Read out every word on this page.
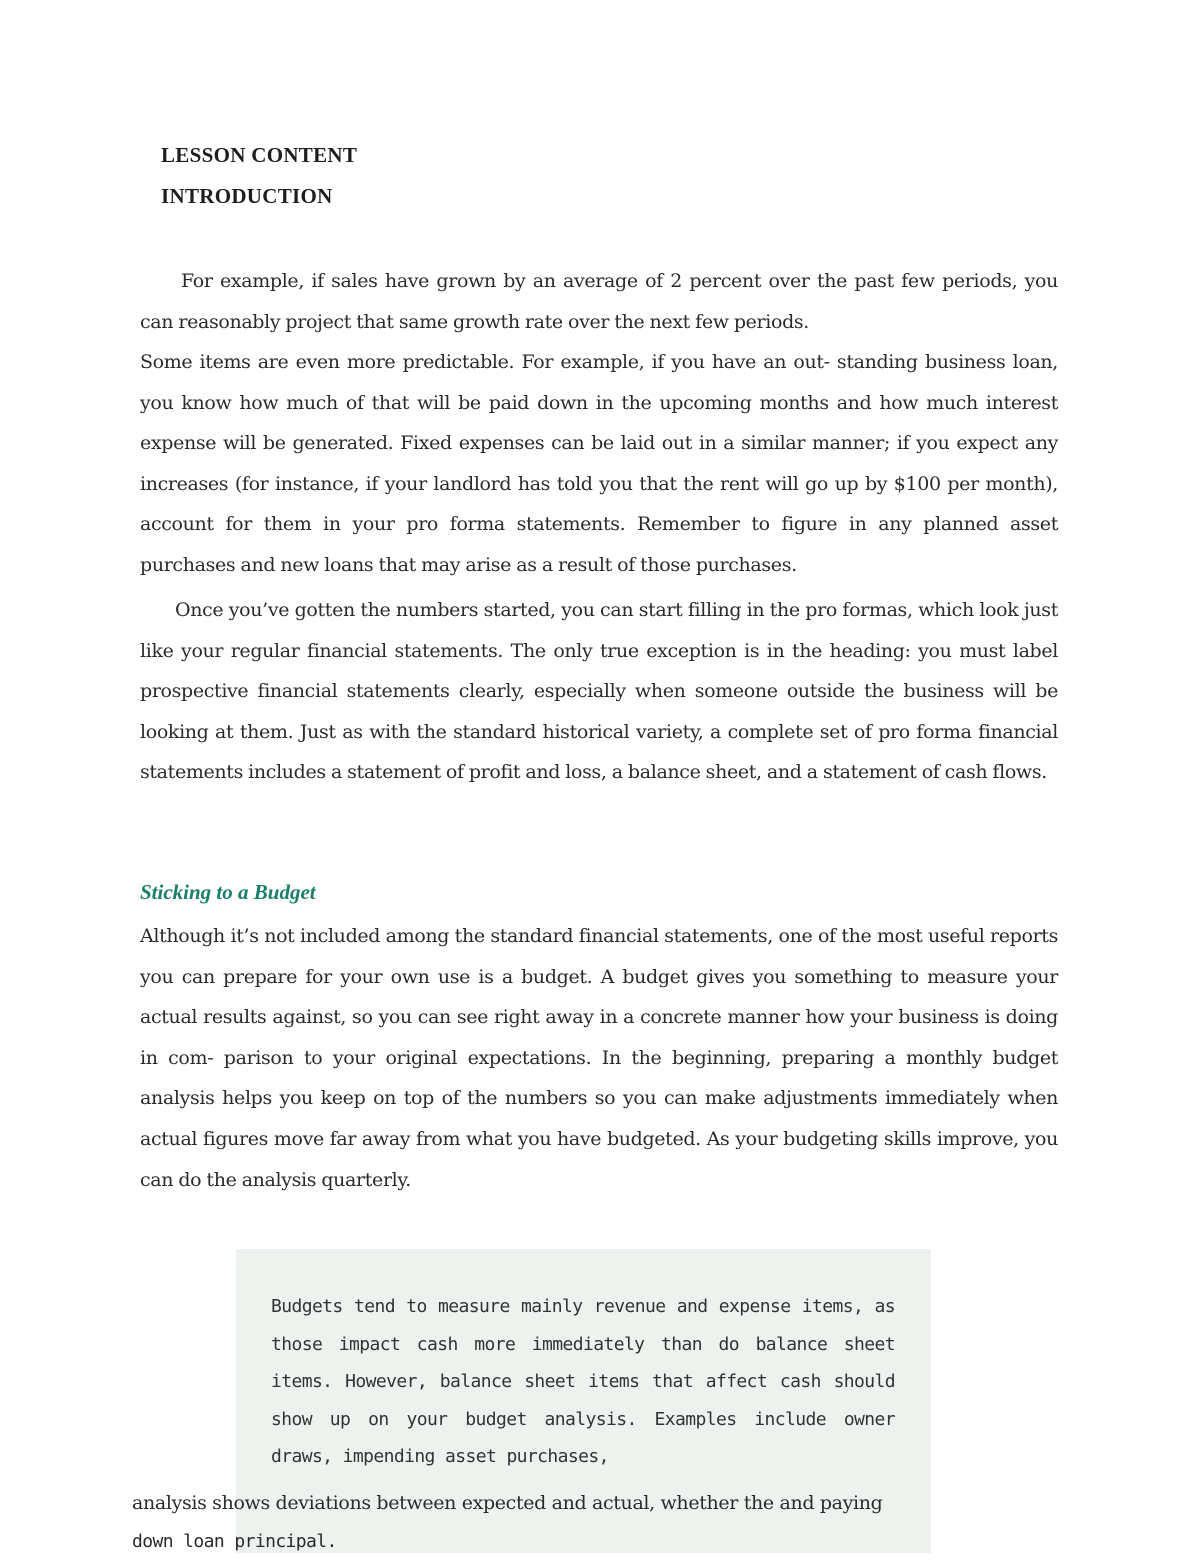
LESSON CONTENT
INTRODUCTION

For example, if sales have grown by an average of 2 percent over the past few periods, you can reasonably project that same growth rate over the next few periods.

Some items are even more predictable. For example, if you have an out- standing business loan, you know how much of that will be paid down in the upcoming months and how much interest expense will be generated. Fixed expenses can be laid out in a similar manner; if you expect any increases (for instance, if your landlord has told you that the rent will go up by $100 per month), account for them in your pro forma statements. Remember to figure in any planned asset purchases and new loans that may arise as a result of those purchases.

Once you’ve gotten the numbers started, you can start filling in the pro formas, which look just like your regular financial statements. The only true exception is in the heading: you must label prospective financial statements clearly, especially when someone outside the business will be looking at them. Just as with the standard historical variety, a complete set of pro forma financial statements includes a statement of profit and loss, a balance sheet, and a statement of cash flows.

Sticking to a Budget

Although it’s not included among the standard financial statements, one of the most useful reports you can prepare for your own use is a budget. A budget gives you something to measure your actual results against, so you can see right away in a concrete manner how your business is doing in com- parison to your original expectations. In the beginning, preparing a monthly budget analysis helps you keep on top of the numbers so you can make adjustments immediately when actual figures move far away from what you have budgeted. As your budgeting skills improve, you can do the analysis quarterly.

Budgets tend to measure mainly revenue and expense items, as those impact cash more immediately than do balance sheet items. However, balance sheet items that affect cash should show up on your budget analysis. Examples include owner draws, impending asset purchases,

analysis shows deviations between expected and actual, whether the and paying
down loan principal.
